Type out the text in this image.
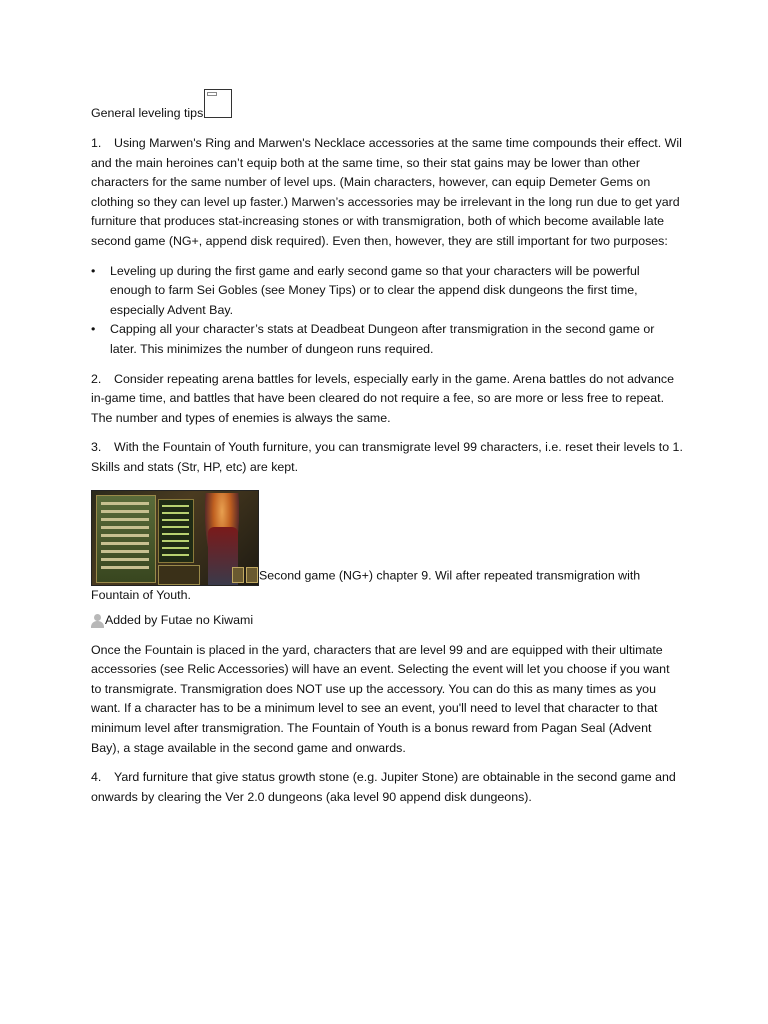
General leveling tips

1. Using Marwen's Ring and Marwen's Necklace accessories at the same time compounds their effect. Wil and the main heroines can’t equip both at the same time, so their stat gains may be lower than other characters for the same number of level ups. (Main characters, however, can equip Demeter Gems on clothing so they can level up faster.) Marwen’s accessories may be irrelevant in the long run due to get yard furniture that produces stat-increasing stones or with transmigration, both of which become available late second game (NG+, append disk required). Even then, however, they are still important for two purposes:

• Leveling up during the first game and early second game so that your characters will be powerful enough to farm Sei Gobles (see Money Tips) or to clear the append disk dungeons the first time, especially Advent Bay.
• Capping all your character’s stats at Deadbeat Dungeon after transmigration in the second game or later. This minimizes the number of dungeon runs required.

2. Consider repeating arena battles for levels, especially early in the game. Arena battles do not advance in-game time, and battles that have been cleared do not require a fee, so are more or less free to repeat. The number and types of enemies is always the same.

3. With the Fountain of Youth furniture, you can transmigrate level 99 characters, i.e. reset their levels to 1. Skills and stats (Str, HP, etc) are kept.

Second game (NG+) chapter 9. Wil after repeated transmigration with Fountain of Youth.

Added by Futae no Kiwami

Once the Fountain is placed in the yard, characters that are level 99 and are equipped with their ultimate accessories (see Relic Accessories) will have an event. Selecting the event will let you choose if you want to transmigrate. Transmigration does NOT use up the accessory. You can do this as many times as you want. If a character has to be a minimum level to see an event, you'll need to level that character to that minimum level after transmigration. The Fountain of Youth is a bonus reward from Pagan Seal (Advent Bay), a stage available in the second game and onwards.

4. Yard furniture that give status growth stone (e.g. Jupiter Stone) are obtainable in the second game and onwards by clearing the Ver 2.0 dungeons (aka level 90 append disk dungeons).
